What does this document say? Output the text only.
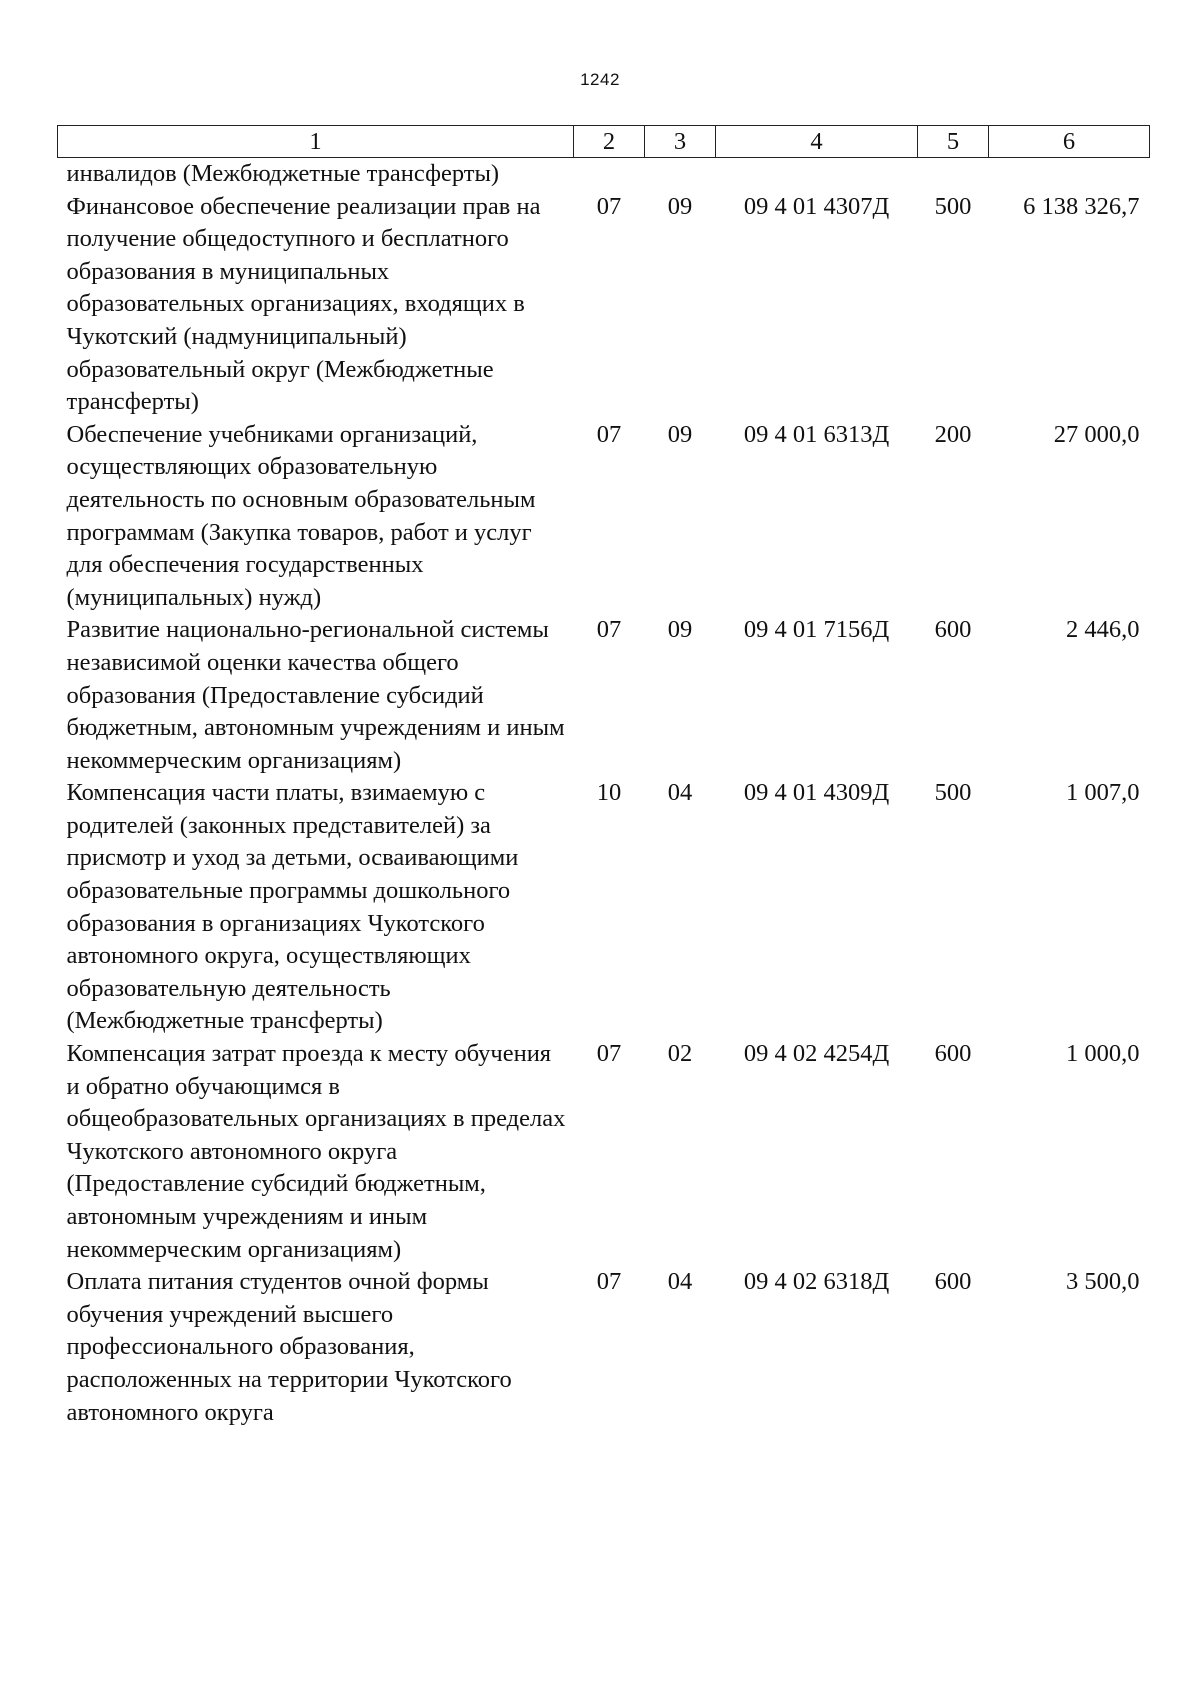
1242
1	2	3	4	5	6
инвалидов (Межбюджетные трансферты)					
Финансовое обеспечение реализации прав на получение общедоступного и бесплатного образования в муниципальных образовательных организациях, входящих в Чукотский (надмуниципальный) образовательный округ (Межбюджетные трансферты)	07	09	09 4 01 4307Д	500	6 138 326,7
Обеспечение учебниками организаций, осуществляющих образовательную деятельность по основным образовательным программам (Закупка товаров, работ и услуг для обеспечения государственных (муниципальных) нужд)	07	09	09 4 01 6313Д	200	27 000,0
Развитие национально-региональной системы независимой оценки качества общего образования (Предоставление субсидий бюджетным, автономным учреждениям и иным некоммерческим организациям)	07	09	09 4 01 7156Д	600	2 446,0
Компенсация части платы, взимаемую с родителей (законных представителей) за присмотр и уход за детьми, осваивающими образовательные программы дошкольного образования в организациях Чукотского автономного округа, осуществляющих образовательную деятельность (Межбюджетные трансферты)	10	04	09 4 01 4309Д	500	1 007,0
Компенсация затрат проезда к месту обучения и обратно обучающимся в общеобразовательных организациях в пределах Чукотского автономного округа (Предоставление субсидий бюджетным, автономным учреждениям и иным некоммерческим организациям)	07	02	09 4 02 4254Д	600	1 000,0
Оплата питания студентов очной формы обучения учреждений высшего профессионального образования, расположенных на территории Чукотского автономного округа	07	04	09 4 02 6318Д	600	3 500,0
